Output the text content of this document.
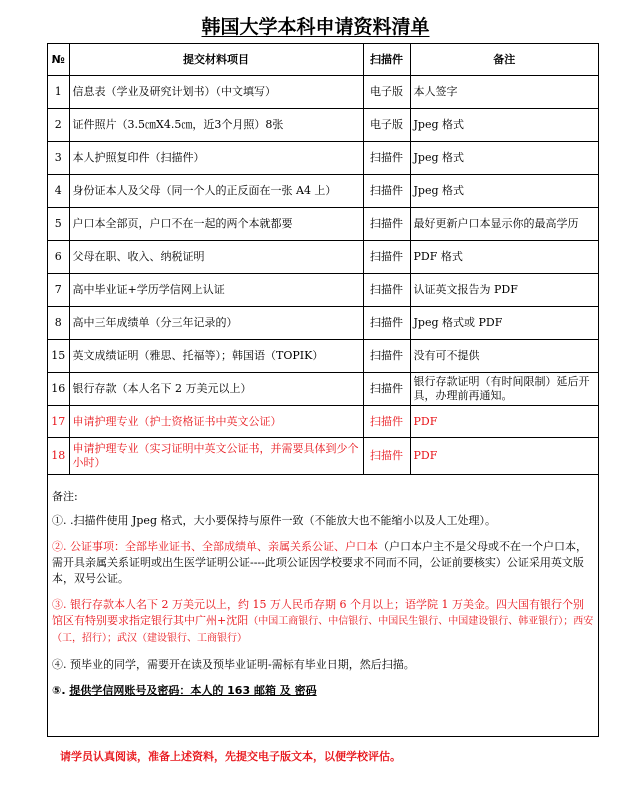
韩国大学本科申请资料清单
№	提交材料项目	扫描件	备注
1	信息表（学业及研究计划书）（中文填写）	电子版	本人签字
2	证件照片（3.5㎝X4.5㎝，近3个月照）8张	电子版	Jpeg 格式
3	本人护照复印件（扫描件）	扫描件	Jpeg 格式
4	身份证本人及父母（同一个人的正反面在一张 A4 上）	扫描件	Jpeg 格式
5	户口本全部页，户口不在一起的两个本就都要	扫描件	最好更新户口本显示你的最高学历
6	父母在职、收入、纳税证明	扫描件	PDF 格式
7	高中毕业证+学历学信网上认证	扫描件	认证英文报告为 PDF
8	高中三年成绩单（分三年记录的）	扫描件	Jpeg 格式或 PDF
15	英文成绩证明（雅思、托福等）；韩国语（TOPIK）	扫描件	没有可不提供
16	银行存款（本人名下 2 万美元以上）	扫描件	银行存款证明（有时间限制）延后开具，办理前再通知。
17	申请护理专业（护士资格证书中英文公证）	扫描件	PDF
18	申请护理专业（实习证明中英文公证书，并需要具体到少个小时）	扫描件	PDF
备注:
①. .扫描件使用 Jpeg 格式，大小要保持与原件一致（不能放大也不能缩小以及人工处理）。
②. 公证事项：全部毕业证书、全部成绩单、亲属关系公证、户口本（户口本户主不是父母或不在一个户口本，需开具亲属关系证明或出生医学证明公证----此项公证因学校要求不同而不同，公证前要核实）公证采用英文版本，双号公证。
③. 银行存款本人名下 2 万美元以上，约 15 万人民币存期 6 个月以上；语学院 1 万美金。四大国有银行个别馆区有特别要求指定银行其中广州+沈阳（中国工商银行、中信银行、中国民生银行、中国建设银行、韩亚银行）；西安（工，招行）；武汉（建设银行、工商银行）
④. 预毕业的同学，需要开在读及预毕业证明-需标有毕业日期，然后扫描。
⑤. 提供学信网账号及密码：本人的 163 邮箱 及 密码
请学员认真阅读，准备上述资料，先提交电子版文本，以便学校评估。
